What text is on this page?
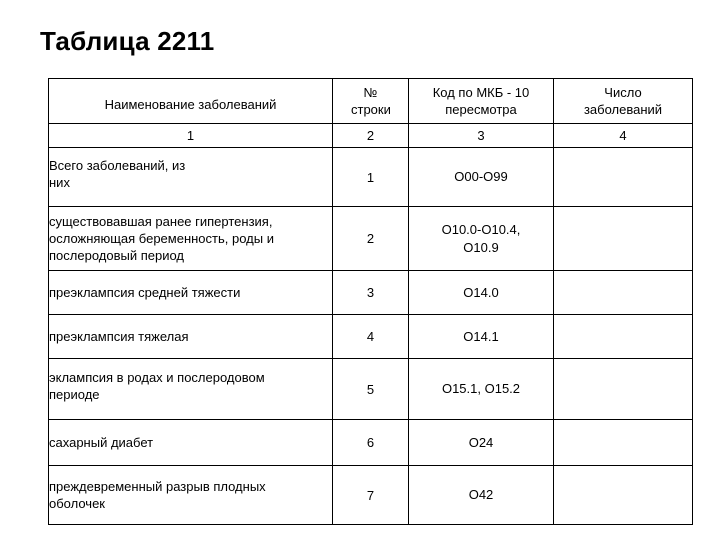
Таблица 2211
Наименование заболеваний	№ строки	Код по МКБ - 10 пересмотра	Число заболеваний

1	2	3	4

Всего заболеваний, из них	1	O00-O99	

существовавшая ранее гипертензия, осложняющая беременность, роды и послеродовый период	2	O10.0-O10.4, O10.9	

преэклампсия средней тяжести	3	O14.0	
преэклампсия тяжелая	4	O14.1	

эклампсия в родах и послеродовом периоде	5	O15.1, O15.2	
сахарный диабет	6	O24	

преждевременный разрыв плодных оболочек	7	O42	
